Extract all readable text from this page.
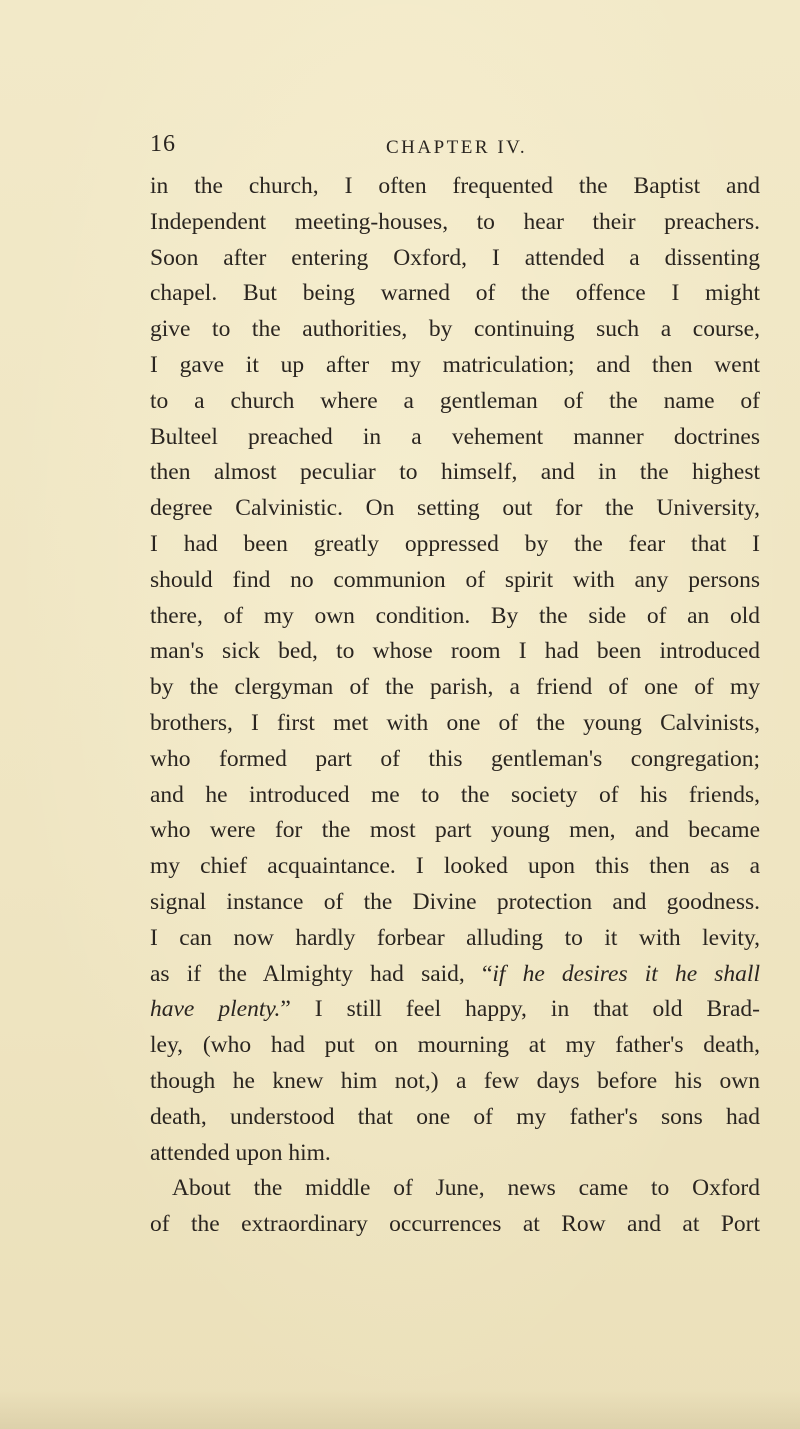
16	CHAPTER IV.
in the church, I often frequented the Baptist and
Independent meeting-houses, to hear their preachers.
Soon after entering Oxford, I attended a dissenting
chapel. But being warned of the offence I might
give to the authorities, by continuing such a course,
I gave it up after my matriculation; and then went
to a church where a gentleman of the name of
Bulteel preached in a vehement manner doctrines
then almost peculiar to himself, and in the highest
degree Calvinistic. On setting out for the University,
I had been greatly oppressed by the fear that I
should find no communion of spirit with any persons
there, of my own condition. By the side of an old
man's sick bed, to whose room I had been introduced
by the clergyman of the parish, a friend of one of my
brothers, I first met with one of the young Calvinists,
who formed part of this gentleman's congregation;
and he introduced me to the society of his friends,
who were for the most part young men, and became
my chief acquaintance. I looked upon this then as a
signal instance of the Divine protection and goodness.
I can now hardly forbear alluding to it with levity,
as if the Almighty had said, “if he desires it he shall
have plenty.” I still feel happy, in that old Brad-
ley, (who had put on mourning at my father's death,
though he knew him not,) a few days before his own
death, understood that one of my father's sons had
attended upon him.
About the middle of June, news came to Oxford
of the extraordinary occurrences at Row and at Port
